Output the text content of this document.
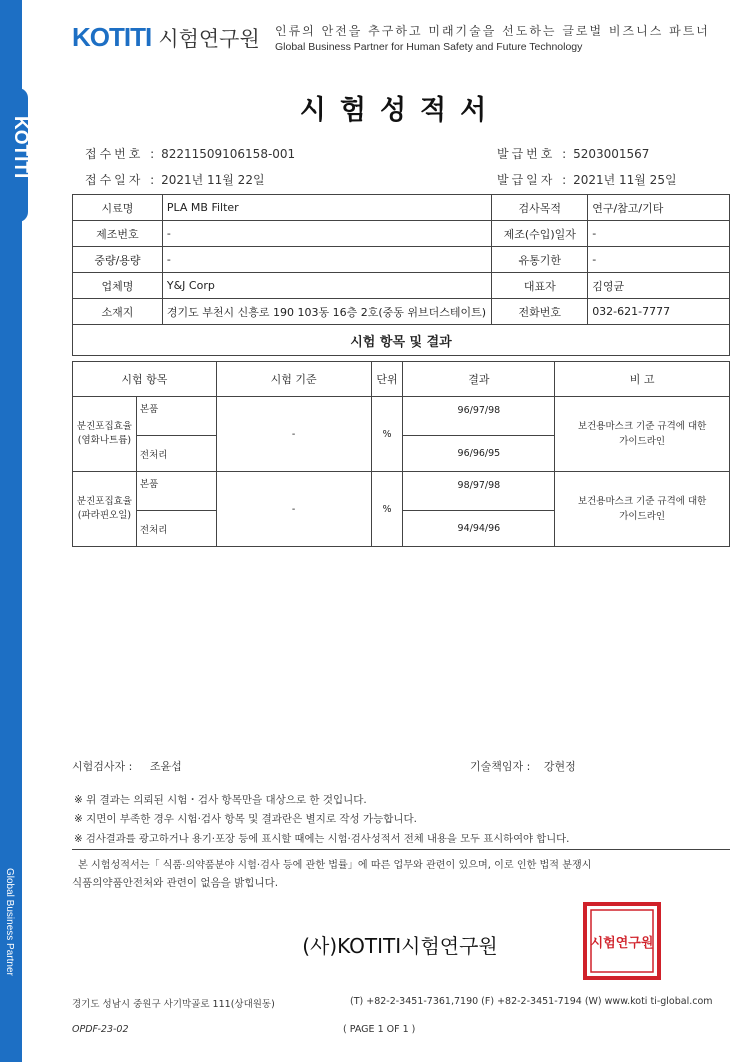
KOTITI
Global Business Partner
KOTITI 시험연구원 인류의 안전을 추구하고 미래기술을 선도하는 글로벌 비즈니스 파트너
Global Business Partner for Human Safety and Future Technology
시험성적서
접수번호 : 82211509106158-001	발급번호 : 5203001567
접수일자 : 2021년 11월 22일	발급일자 : 2021년 11월 25일
시료명	PLA MB Filter	검사목적	연구/참고/기타
제조번호	-	제조(수입)일자	-
중량/용량	-	유통기한	-
업체명	Y&J Corp	대표자	김영균
소재지	경기도 부천시 신흥로 190 103동 16층 2호(중동 위브더스테이트)	전화번호	032-621-7777
시험 항목 및 결과			
시험 항목		시험 기준	단위	결과	비 고
분진포집효율
(염화나트륨)	본품	-	%	96/97/98	보건용마스크 기준 규격에 대한
가이드라인
	전처리			96/96/95	
분진포집효율
(파라핀오일)	본품	-	%	98/97/98	보건용마스크 기준 규격에 대한
가이드라인
	전처리			94/94/96	
시험검사자 : 조윤섭	기술책임자 : 강현정
※ 위 결과는 의뢰된 시험・검사 항목만을 대상으로 한 것입니다.
※ 지면이 부족한 경우 시험·검사 항목 및 결과란은 별지로 작성 가능합니다.
※ 검사결과를 광고하거나 용기·포장 등에 표시할 때에는 시험·검사성적서 전체 내용을 모두 표시하여야 합니다.
본 시험성적서는「 식품·의약품분야 시험·검사 등에 관한 법률」에 따른 업무와 관련이 있으며, 이로 인한 법적 분쟁시
식품의약품안전처와 관련이 없음을 밝힙니다.
(사)KOTITI시험연구원	시험연구원
경기도 성남시 중원구 사기막골로 111(상대원동)	(T) +82-2-3451-7361,7190 (F) +82-2-3451-7194 (W) www.koti ti-global.com
OPDF-23-02	( PAGE 1 OF 1 )
